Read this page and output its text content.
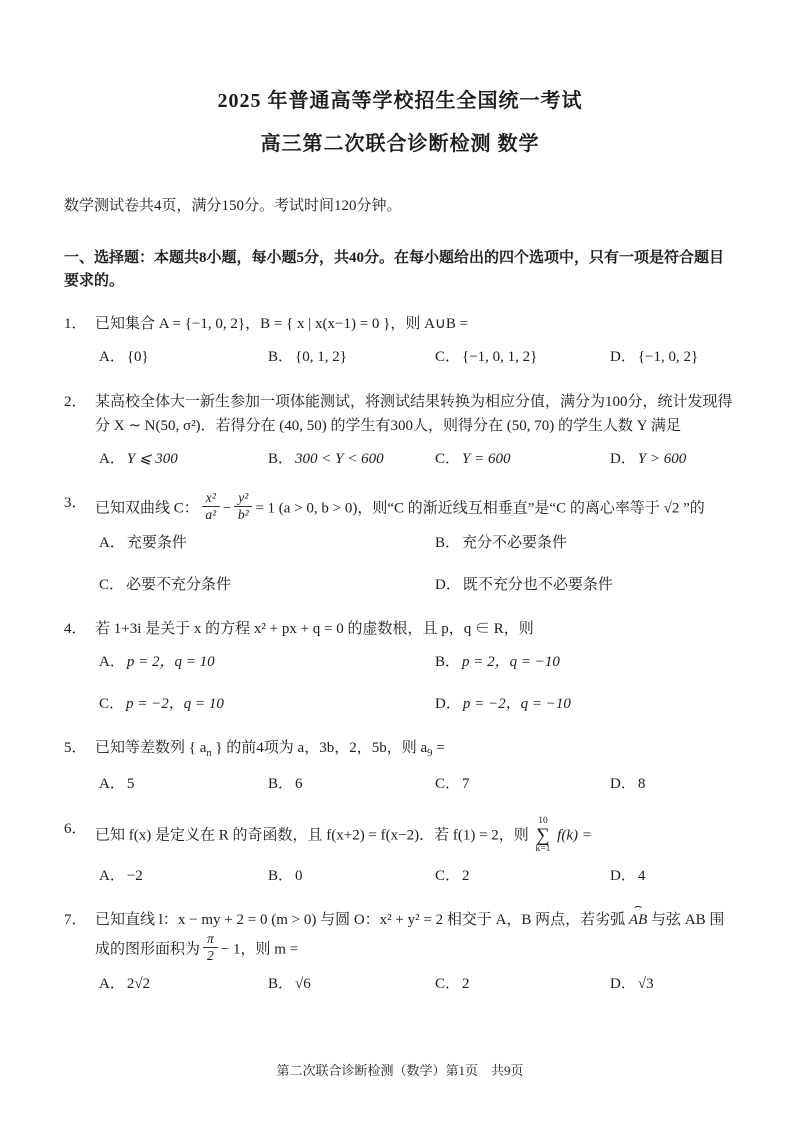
2025 年普通高等学校招生全国统一考试
高三第二次联合诊断检测 数学

数学测试卷共4页，满分150分。考试时间120分钟。

一、选择题：本题共8小题，每小题5分，共40分。在每小题给出的四个选项中，只有一项是符合题目要求的。

1． 已知集合 A = {−1, 0, 2}，B = { x | x(x−1) = 0 }，则 A∪B =
A． {0}	B． {0, 1, 2}	C． {−1, 0, 1, 2}	D． {−1, 0, 2}
2． 某高校全体大一新生参加一项体能测试，将测试结果转换为相应分值，满分为100分，统计发现得分 X ∼ N(50, σ²)．若得分在 (40, 50) 的学生有300人，则得分在 (50, 70) 的学生人数 Y 满足
A． Y ⩽ 300	B． 300 < Y < 600	C． Y = 600	D． Y > 600
3． 已知双曲线 C： $\frac{\text{x²}}{\text{a²}} - \frac{\text{y²}}{\text{b²}} = 1$ (a > 0, b > 0)，则“C 的渐近线互相垂直”是“C 的离心率等于 √2 ”的
A． 充要条件	B． 充分不必要条件
C． 必要不充分条件	D． 既不充分也不必要条件
4． 若 1+3i 是关于 x 的方程 x² + px + q = 0 的虚数根，且 p，q ∈ R，则
A． p = 2，q = 10	B． p = 2，q = −10
C． p = −2，q = 10	D． p = −2，q = −10
5． 已知等差数列 { $a_n$ } 的前4项为 a，3b，2，5b，则 $a_9$ =
A． 5	B． 6	C． 7	D． 8
6． 已知 f(x) 是定义在 R 的奇函数，且 f(x+2) = f(x−2)．若 f(1) = 2，则
10
∑
k=1
f(k) =
A． −2	B． 0	C． 2	D． 4
7． 已知直线 l：x − my + 2 = 0 (m > 0) 与圆 O：x² + y² = 2 相交于 A，B 两点，若劣弧
⌢
AB 与弦 AB 围成的图形面积为 $\frac{\pi}{2} - 1$，则 m =
A． 2√2	B． √6	C． 2	D． √3
第二次联合诊断检测（数学）第1页　共9页
